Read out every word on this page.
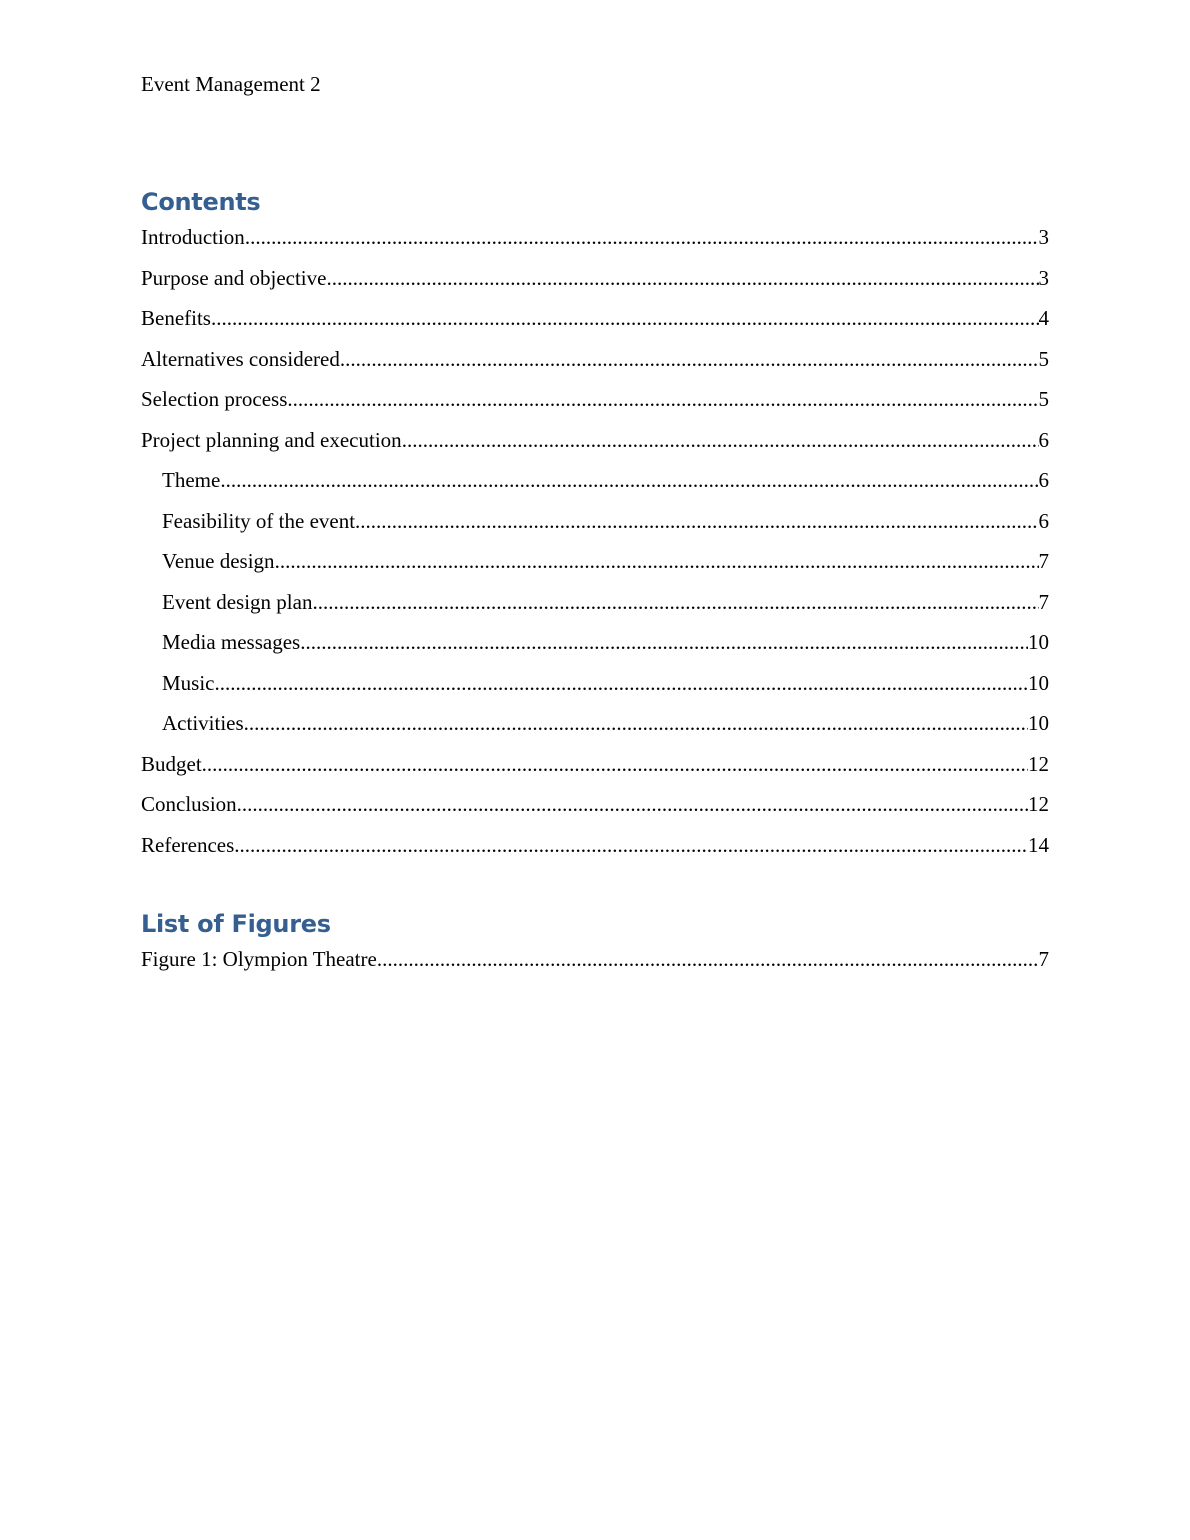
Event Management 2
Contents
Introduction .....	3
Purpose and objective .....	3
Benefits .....	4
Alternatives considered .....	5
Selection process .....	5
Project planning and execution .....	6
Theme .....	6
Feasibility of the event .....	6
Venue design .....	7
Event design plan .....	7
Media messages .....	10
Music .....	10
Activities .....	10
Budget .....	12
Conclusion .....	12
References .....	14
List of Figures
Figure 1: Olympion Theatre .....	7
